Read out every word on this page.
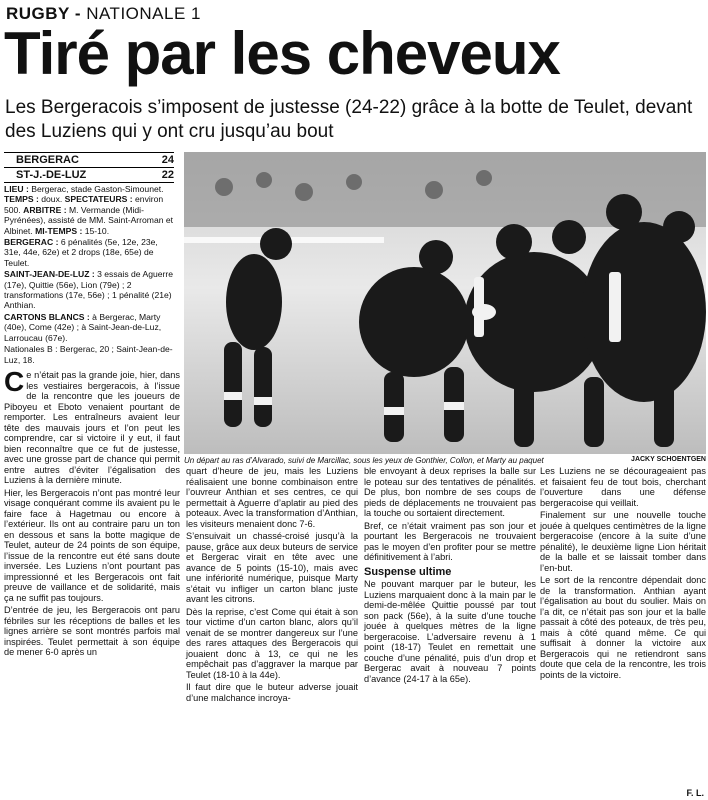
RUGBY - NATIONALE 1
Tiré par les cheveux
Les Bergeracois s’imposent de justesse (24-22) grâce à la botte de Teulet, devant des Luziens qui y ont cru jusqu’au bout
BERGERAC	24
ST-J.-DE-LUZ	22

LIEU : Bergerac, stade Gaston-Simounet. TEMPS : doux. SPECTATEURS : environ 500. ARBITRE : M. Vermande (Midi-Pyrénées), assisté de MM. Saint-Arroman et Albinet. MI-TEMPS : 15-10.

BERGERAC : 6 pénalités (5e, 12e, 23e, 31e, 44e, 62e) et 2 drops (18e, 65e) de Teulet.

SAINT-JEAN-DE-LUZ : 3 essais de Aguerre (17e), Quittie (56e), Lion (79e) ; 2 transformations (17e, 56e) ; 1 pénalité (21e) Anthian.

CARTONS BLANCS : à Bergerac, Marty (40e), Come (42e) ; à Saint-Jean-de-Luz, Larroucau (67e).

Nationales B : Bergerac, 20 ; Saint-Jean-de-Luz, 18.

Un départ au ras d’Alvarado, suivi de Marcillac, sous les yeux de Gonthier, Collon, et Marty au paquet	JACKY SCHOENTGEN

Ce n’était pas la grande joie, hier, dans les vestiaires bergeracois, à l’issue de la rencontre que les joueurs de Piboyeu et Eboto venaient pourtant de remporter. Les entraîneurs avaient leur tête des mauvais jours et l’on peut les comprendre, car si victoire il y eut, il faut bien reconnaître que ce fut de justesse, avec une grosse part de chance qui permit entre autres d’éviter l’égalisation des Luziens à la dernière minute.

Hier, les Bergeracois n’ont pas montré leur visage conquérant comme ils avaient pu le faire face à Hagetmau ou encore à l’extérieur. Ils ont au contraire paru un ton en dessous et sans la botte magique de Teulet, auteur de 24 points de son équipe, l’issue de la rencontre eut été sans doute inversée. Les Luziens n’ont pourtant pas impressionné et les Bergeracois ont fait preuve de vaillance et de solidarité, mais ça ne suffit pas toujours.

D’entrée de jeu, les Bergeracois ont paru fébriles sur les réceptions de balles et les lignes arrière se sont montrés parfois mal inspirées. Teulet permettait à son équipe de mener 6-0 après un

quart d’heure de jeu, mais les Luziens réalisaient une bonne combinaison entre l’ouvreur Anthian et ses centres, ce qui permettait à Aguerre d’aplatir au pied des poteaux. Avec la transformation d’Anthian, les visiteurs menaient donc 7-6.

S’ensuivait un chassé-croisé jusqu’à la pause, grâce aux deux buteurs de service et Bergerac virait en tête avec une avance de 5 points (15-10), mais avec une infériorité numérique, puisque Marty s’était vu infliger un carton blanc juste avant les citrons.

Dès la reprise, c’est Come qui était à son tour victime d’un carton blanc, alors qu’il venait de se montrer dangereux sur l’une des rares attaques des Bergeracois qui jouaient donc à 13, ce qui ne les empêchait pas d’aggraver la marque par Teulet (18-10 à la 44e).

Il faut dire que le buteur adverse jouait d’une malchance incroya-

ble envoyant à deux reprises la balle sur le poteau sur des tentatives de pénalités. De plus, bon nombre de ses coups de pieds de déplacements ne trouvaient pas la touche ou sortaient directement.

Bref, ce n’était vraiment pas son jour et pourtant les Bergeracois ne trouvaient pas le moyen d’en profiter pour se mettre définitivement à l’abri.

Suspense ultime

Ne pouvant marquer par le buteur, les Luziens marquaient donc à la main par le demi-de-mêlée Quittie poussé par tout son pack (56e), à la suite d’une touche jouée à quelques mètres de la ligne bergeracoise. L’adversaire revenu à 1 point (18-17) Teulet en remettait une couche d’une pénalité, puis d’un drop et Bergerac avait à nouveau 7 points d’avance (24-17 à la 65e).

Les Luziens ne se décourageaient pas et faisaient feu de tout bois, cherchant l’ouverture dans une défense bergeracoise qui veillait.

Finalement sur une nouvelle touche jouée à quelques centimètres de la ligne bergeracoise (encore à la suite d’une pénalité), le deuxième ligne Lion héritait de la balle et se laissait tomber dans l’en-but.

Le sort de la rencontre dépendait donc de la transformation. Anthian ayant l’égalisation au bout du soulier. Mais on l’a dit, ce n’était pas son jour et la balle passait à côté des poteaux, de très peu, mais à côté quand même. Ce qui suffisait à donner la victoire aux Bergeracois qui ne retiendront sans doute que cela de la rencontre, les trois points de la victoire.

F. L.
